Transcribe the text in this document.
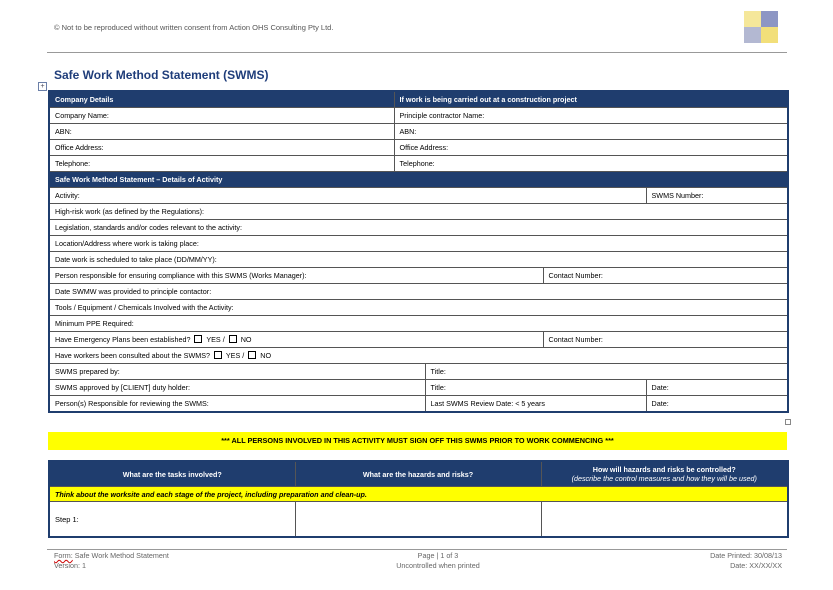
© Not to be reproduced without written consent from Action OHS Consulting Pty Ltd.
Safe Work Method Statement (SWMS)
+
Company Details	If work is being carried out at a construction project			
Company Name:	Principle contractor Name:			
ABN:	ABN:			
Office Address:	Office Address:			
Telephone:	Telephone:			
Safe Work Method Statement – Details of Activity				
Activity:				SWMS Number:
High-risk work (as defined by the Regulations):				
Legislation, standards and/or codes relevant to the activity:				
Location/Address where work is taking place:				
Date work is scheduled to take place (DD/MM/YY):				
Person responsible for ensuring compliance with this SWMS (Works Manager):			Contact Number:	
Date SWMW was provided to principle contactor:				
Tools / Equipment / Chemicals Involved with the Activity:				
Minimum PPE Required:				
Have Emergency Plans been established? YES / NO			Contact Number:	
Have workers been consulted about the SWMS? YES / NO				
SWMS prepared by:		Title:		
SWMS approved by [CLIENT] duty holder:		Title:		Date:
Person(s) Responsible for reviewing the SWMS:		Last SWMS Review Date: < 5 years		Date:
*** ALL PERSONS INVOLVED IN THIS ACTIVITY MUST SIGN OFF THIS SWMS PRIOR TO WORK COMMENCING ***
What are the tasks involved?	What are the hazards and risks?	How will hazards and risks be controlled?
(describe the control measures and how they will be used)

Think about the worksite and each stage of the project, including preparation and clean-up.		
Step 1:		
Form: Safe Work Method Statement
Version: 1
Page | 1 of 3
Uncontrolled when printed
Date Printed: 30/08/13
Date: XX/XX/XX
